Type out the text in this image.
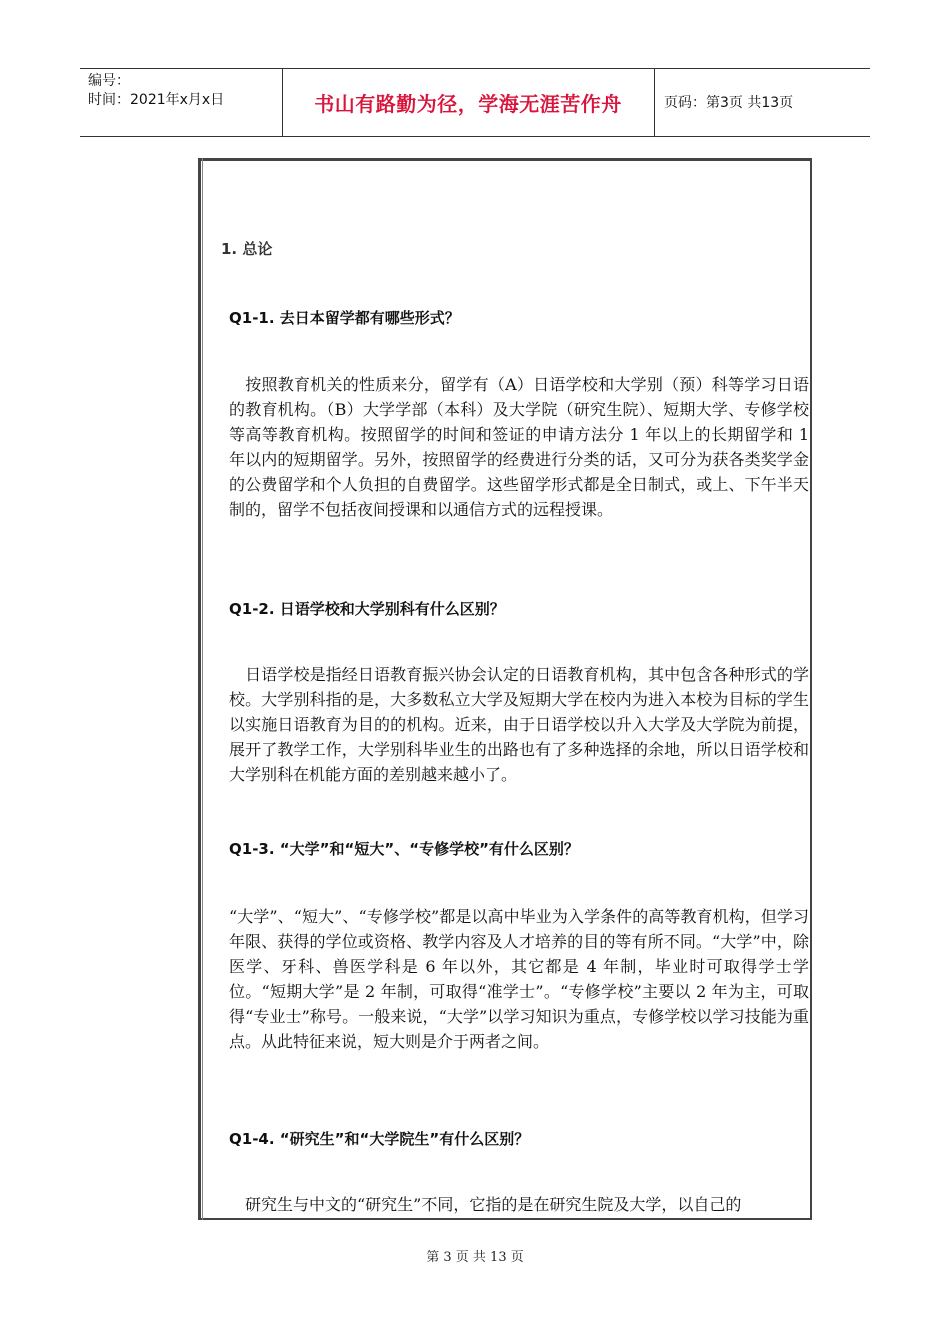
编号：
时间：2021年x月x日	书山有路勤为径，学海无涯苦作舟	页码：第3页 共13页
1. 总论
Q1-1. 去日本留学都有哪些形式？
　按照教育机关的性质来分，留学有（A）日语学校和大学别（预）科等学习日语的教育机构。（B）大学学部（本科）及大学院（研究生院）、短期大学、专修学校等高等教育机构。按照留学的时间和签证的申请方法分 1 年以上的长期留学和 1 年以内的短期留学。另外，按照留学的经费进行分类的话，又可分为获各类奖学金的公费留学和个人负担的自费留学。这些留学形式都是全日制式，或上、下午半天制的，留学不包括夜间授课和以通信方式的远程授课。
Q1-2. 日语学校和大学别科有什么区别？
　日语学校是指经日语教育振兴协会认定的日语教育机构，其中包含各种形式的学校。大学别科指的是，大多数私立大学及短期大学在校内为进入本校为目标的学生以实施日语教育为目的的机构。近来，由于日语学校以升入大学及大学院为前提，展开了教学工作，大学别科毕业生的出路也有了多种选择的余地，所以日语学校和大学别科在机能方面的差别越来越小了。
Q1-3. “大学”和“短大”、“专修学校”有什么区别？
“大学”、“短大”、“专修学校”都是以高中毕业为入学条件的高等教育机构，但学习年限、获得的学位或资格、教学内容及人才培养的目的等有所不同。“大学”中，除医学、牙科、兽医学科是 6 年以外，其它都是 4 年制，毕业时可取得学士学位。“短期大学”是 2 年制，可取得“准学士”。“专修学校”主要以 2 年为主，可取得“专业士”称号。一般来说，“大学”以学习知识为重点，专修学校以学习技能为重点。从此特征来说，短大则是介于两者之间。
Q1-4. “研究生”和“大学院生”有什么区别？
　研究生与中文的“研究生”不同，它指的是在研究生院及大学，以自己的
第 3 页 共 13 页
